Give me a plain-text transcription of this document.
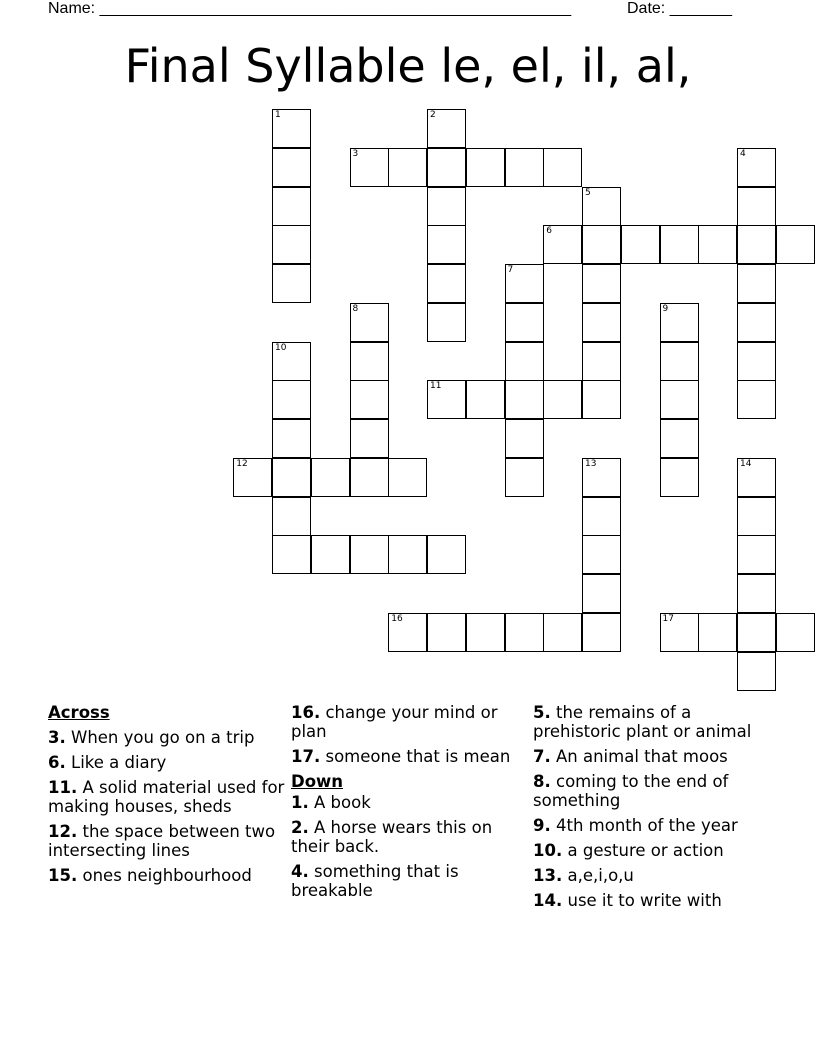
Name: _____________________________________________________	Date: _______
Final Syllable le, el, il, al,
1	2
3	4
5
6
7
8	9
10
11
12	13	14
16	17
Across
3. When you go on a trip
6. Like a diary
11. A solid material used for making houses, sheds
12. the space between two intersecting lines
15. ones neighbourhood
16. change your mind or plan
17. someone that is mean
Down
1. A book
2. A horse wears this on their back.
4. something that is breakable
5. the remains of a prehistoric plant or animal
7. An animal that moos
8. coming to the end of something
9. 4th month of the year
10. a gesture or action
13. a,e,i,o,u
14. use it to write with
